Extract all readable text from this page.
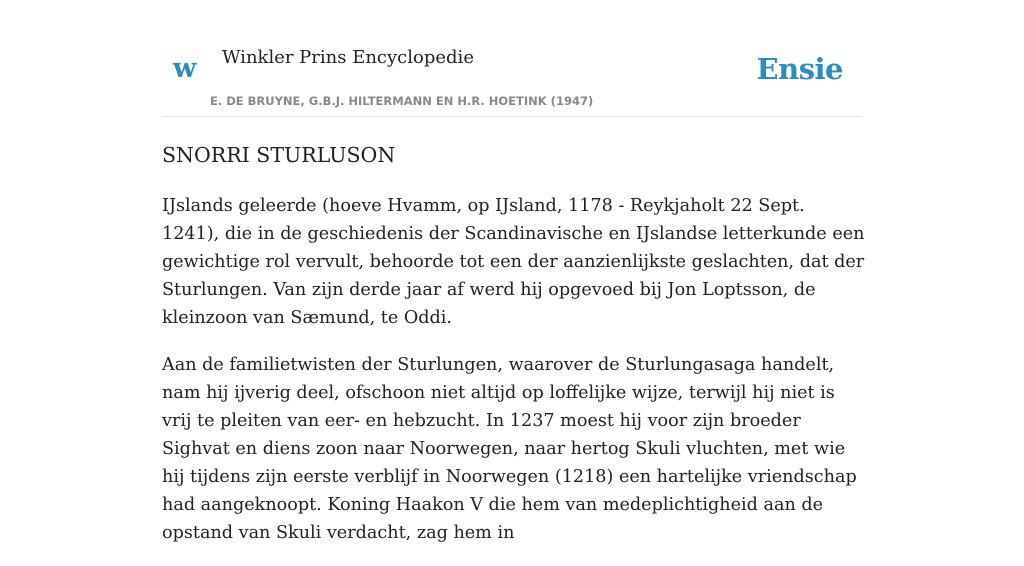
w Winkler Prins Encyclopedie	Ensie
E. DE BRUYNE, G.B.J. HILTERMANN EN H.R. HOETINK (1947)
SNORRI STURLUSON

IJslands geleerde (hoeve Hvamm, op IJsland, 1178 - Reykjaholt 22 Sept. 1241), die in de geschiedenis der Scandinavische en IJslandse letterkunde een gewichtige rol vervult, behoorde tot een der aanzienlijkste geslachten, dat der Sturlungen. Van zijn derde jaar af werd hij opgevoed bij Jon Loptsson, de kleinzoon van Sæmund, te Oddi.

Aan de familietwisten der Sturlungen, waarover de Sturlungasaga handelt, nam hij ijverig deel, ofschoon niet altijd op loffelijke wijze, terwijl hij niet is vrij te pleiten van eer- en hebzucht. In 1237 moest hij voor zijn broeder Sighvat en diens zoon naar Noorwegen, naar hertog Skuli vluchten, met wie hij tijdens zijn eerste verblijf in Noorwegen (1218) een hartelijke vriendschap had aangeknoopt. Koning Haakon V die hem van medeplichtigheid aan de opstand van Skuli verdacht, zag hem in
